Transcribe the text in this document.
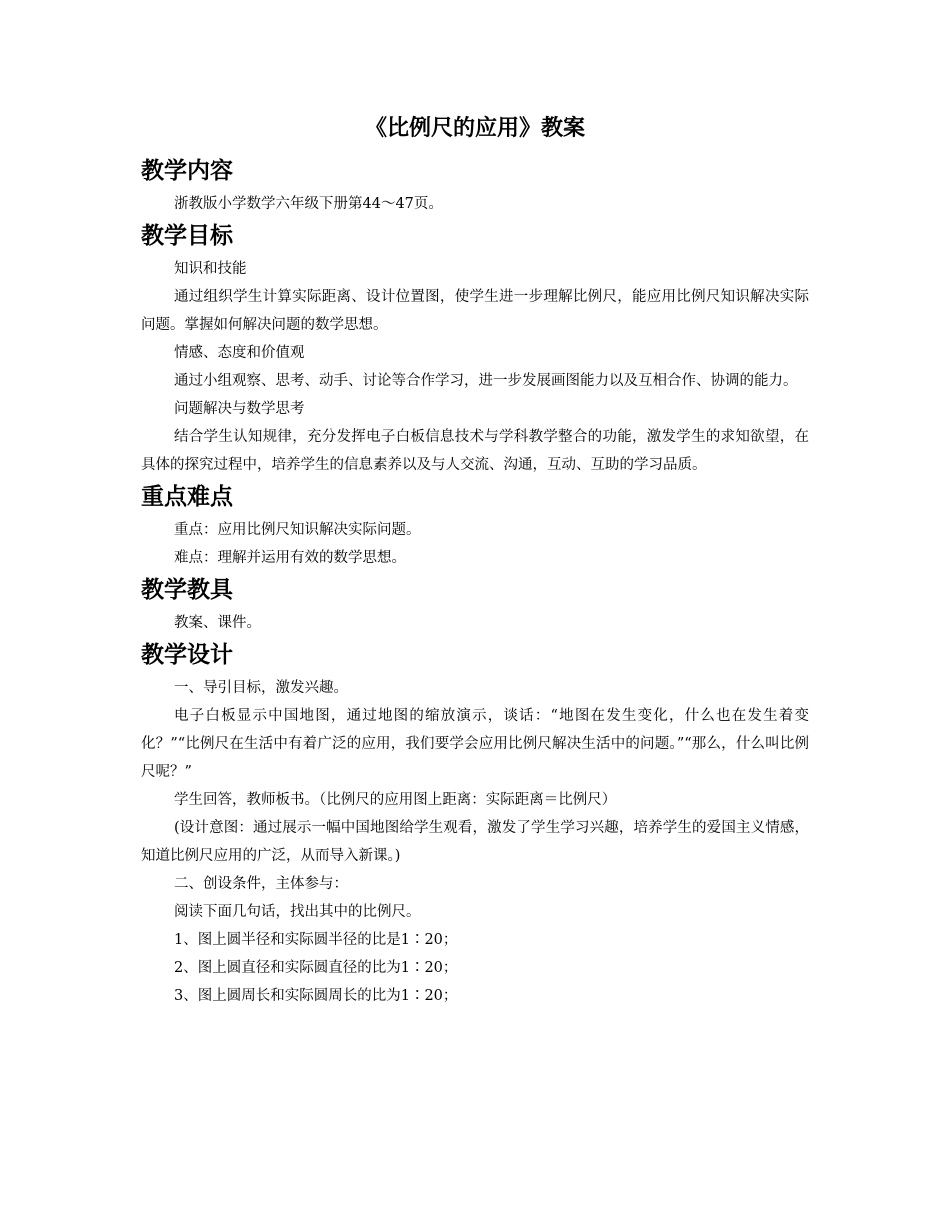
《比例尺的应用》教案
教学内容

浙教版小学数学六年级下册第44〜47页。

教学目标

知识和技能

通过组织学生计算实际距离、设计位置图，使学生进一步理解比例尺，能应用比例尺知识解决实际问题。掌握如何解决问题的数学思想。

情感、态度和价值观

通过小组观察、思考、动手、讨论等合作学习，进一步发展画图能力以及互相合作、协调的能力。

问题解决与数学思考

结合学生认知规律，充分发挥电子白板信息技术与学科教学整合的功能，激发学生的求知欲望，在具体的探究过程中，培养学生的信息素养以及与人交流、沟通，互动、互助的学习品质。

重点难点

重点：应用比例尺知识解决实际问题。

难点：理解并运用有效的数学思想。

教学教具

教案、课件。

教学设计

一、导引目标，激发兴趣。

电子白板显示中国地图，通过地图的缩放演示，谈话：“地图在发生变化，什么也在发生着变化？”“比例尺在生活中有着广泛的应用，我们要学会应用比例尺解决生活中的问题。”“那么，什么叫比例尺呢？”

学生回答，教师板书。（比例尺的应用图上距离：实际距离＝比例尺）

(设计意图：通过展示一幅中国地图给学生观看，激发了学生学习兴趣，培养学生的爱国主义情感，知道比例尺应用的广泛，从而导入新课。)

二、创设条件，主体参与：

阅读下面几句话，找出其中的比例尺。

1、图上圆半径和实际圆半径的比是1∶20；

2、图上圆直径和实际圆直径的比为1∶20；

3、图上圆周长和实际圆周长的比为1∶20；
